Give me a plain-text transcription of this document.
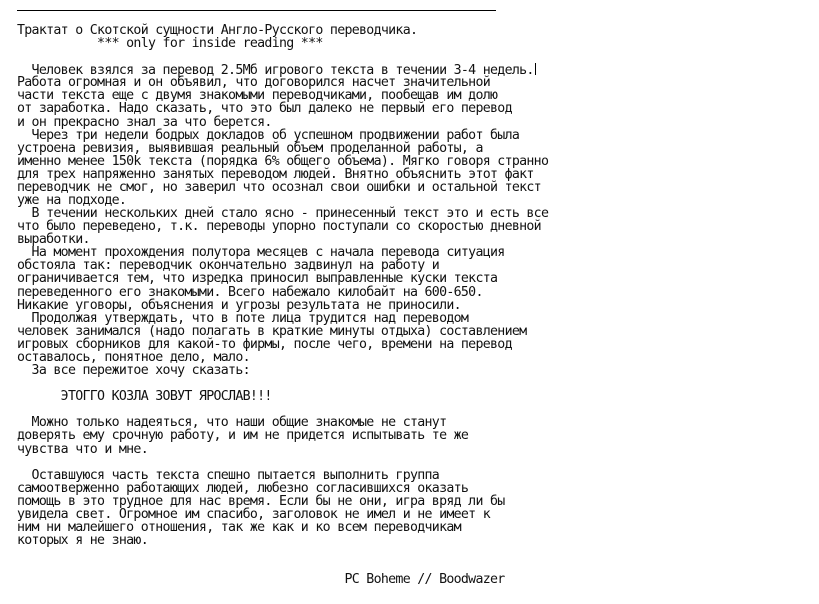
Трактат о Скотской сущности Англо-Русского переводчика.
*** only for inside reading ***

Человек взялся за перевод 2.5Мб игрового текста в течении 3-4 недель.
Работа огромная и он объявил, что договорился насчет значительной
части текста еще с двумя знакомыми переводчиками, пообещав им долю
от заработка. Надо сказать, что это был далеко не первый его перевод
и он прекрасно знал за что берется.
Через три недели бодрых докладов об успешном продвижении работ была
устроена ревизия, выявившая реальный объем проделанной работы, а
именно менее 150k текста (порядка 6% общего объема). Мягко говоря странно
для трех напряженно занятых переводом людей. Внятно объяснить этот факт
переводчик не смог, но заверил что осознал свои ошибки и остальной текст
уже на подходе.
В течении нескольких дней стало ясно - принесенный текст это и есть все
что было переведено, т.к. переводы упорно поступали со скоростью дневной
выработки.
На момент прохождения полутора месяцев с начала перевода ситуация
обстояла так: переводчик окончательно задвинул на работу и
ограничивается тем, что изредка приносил выправленные куски текста
переведенного его знакомыми. Всего набежало килобайт на 600-650.
Никакие уговоры, объяснения и угрозы результата не приносили.
Продолжая утверждать, что в поте лица трудится над переводом
человек занимался (надо полагать в краткие минуты отдыха) составлением
игровых сборников для какой-то фирмы, после чего, времени на перевод
оставалось, понятное дело, мало.
За все пережитое хочу сказать:

ЭТОГГО КОЗЛА ЗОВУТ ЯРОСЛАВ!!!

Можно только надеяться, что наши общие знакомые не станут
доверять ему срочную работу, и им не придется испытывать те же
чувства что и мне.

Оставшуюся часть текста спешно пытается выполнить группа
самоотверженно работающих людей, любезно согласившихся оказать
помощь в это трудное для нас время. Если бы не они, игра вряд ли бы
увидела свет. Огромное им спасибо, заголовок не имел и не имеет к
ним ни малейшего отношения, так же как и ко всем переводчикам
которых я не знаю.

PC Boheme // Boodwazer
